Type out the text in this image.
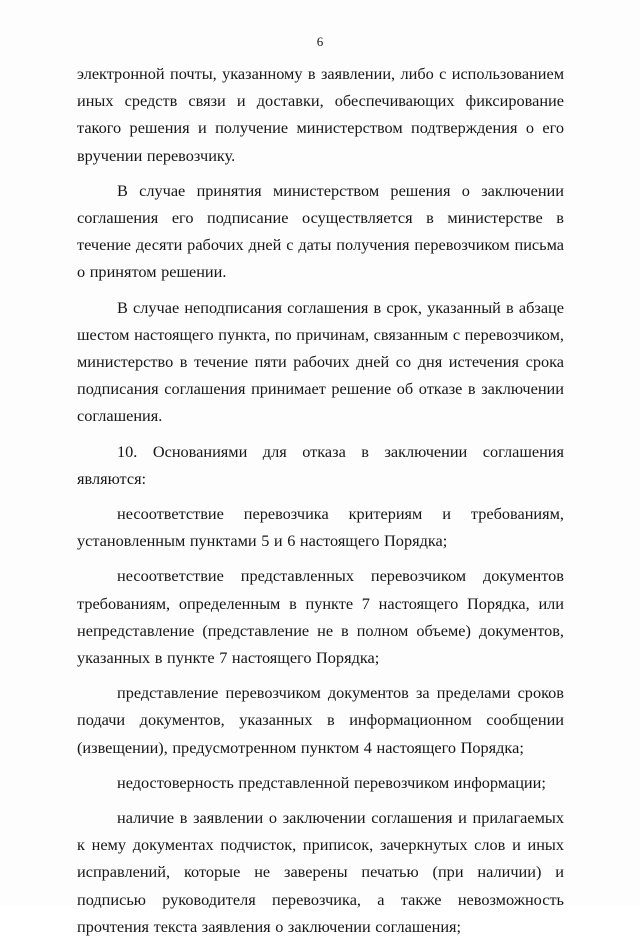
6

электронной почты, указанному в заявлении, либо с использованием иных средств связи и доставки, обеспечивающих фиксирование такого решения и получение министерством подтверждения о его вручении перевозчику.

В случае принятия министерством решения о заключении соглашения его подписание осуществляется в министерстве в течение десяти рабочих дней с даты получения перевозчиком письма о принятом решении.

В случае неподписания соглашения в срок, указанный в абзаце шестом настоящего пункта, по причинам, связанным с перевозчиком, министерство в течение пяти рабочих дней со дня истечения срока подписания соглашения принимает решение об отказе в заключении соглашения.

10. Основаниями для отказа в заключении соглашения являются:

несоответствие перевозчика критериям и требованиям, установленным пунктами 5 и 6 настоящего Порядка;

несоответствие представленных перевозчиком документов требованиям, определенным в пункте 7 настоящего Порядка, или непредставление (представление не в полном объеме) документов, указанных в пункте 7 настоящего Порядка;

представление перевозчиком документов за пределами сроков подачи документов, указанных в информационном сообщении (извещении), предусмотренном пунктом 4 настоящего Порядка;

недостоверность представленной перевозчиком информации;

наличие в заявлении о заключении соглашения и прилагаемых к нему документах подчисток, приписок, зачеркнутых слов и иных исправлений, которые не заверены печатью (при наличии) и подписью руководителя перевозчика, а также невозможность прочтения текста заявления о заключении соглашения;
